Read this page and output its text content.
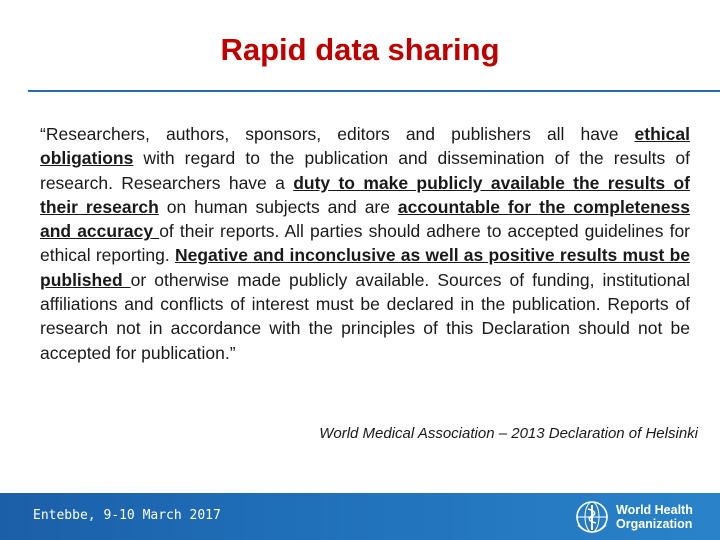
Rapid data sharing

“Researchers, authors, sponsors, editors and publishers all have ethical obligations with regard to the publication and dissemination of the results of research. Researchers have a duty to make publicly available the results of their research on human subjects and are accountable for the completeness and accuracy of their reports. All parties should adhere to accepted guidelines for ethical reporting. Negative and inconclusive as well as positive results must be published or otherwise made publicly available. Sources of funding, institutional affiliations and conflicts of interest must be declared in the publication. Reports of research not in accordance with the principles of this Declaration should not be accepted for publication.”

World Medical Association – 2013 Declaration of Helsinki
Entebbe, 9-10 March 2017	World Health
Organization
